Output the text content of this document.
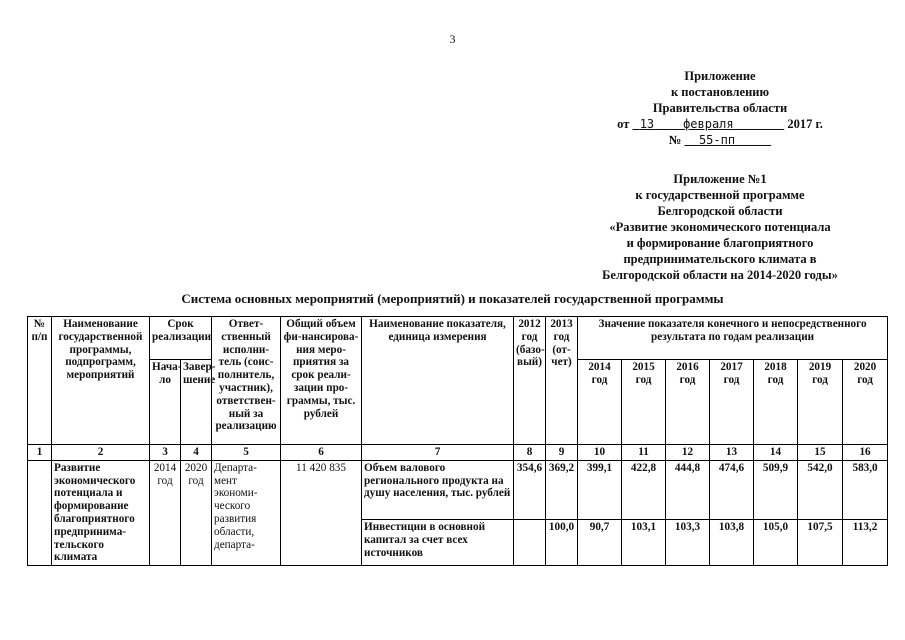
3
Приложение
к постановлению
Правительства области
от 13 февраля	2017 г.
№ 55-пп
Приложение №1
к государственной программе
Белгородской области
«Развитие экономического потенциала
и формирование благоприятного
предпринимательского климата в
Белгородской области на 2014-2020 годы»
Система основных мероприятий (мероприятий) и показателей государственной программы
№ п/п	Наименование государственной программы, подпрограмм, мероприятий	Срок реализации		Ответ-ственный исполни-тель (соис-полнитель, участник), ответствен-ный за реализацию	Общий объем фи-нансирова-ния меро-приятия за срок реали-зации про-граммы, тыс. рублей	Наименование показателя, единица измерения	2012 год (базо-вый)	2013 год (от-чет)	Значение показателя конечного и непосредственного результата по годам реализации						
		Нача-ло	Завер-шение						2014 год	2015 год	2016 год	2017 год	2018 год	2019 год	2020 год
1	2	3	4	5	6	7	8	9	10	11	12	13	14	15	16
	Развитие экономического потенциала и формирование благоприятного предпринима-тельского климата	2014 год	2020 год	Департа-мент экономи-ческого развития области, департа-	11 420 835	Объем валового регионального продукта на душу населения, тыс. рублей	354,6	369,2	399,1	422,8	444,8	474,6	509,9	542,0	583,0
						Инвестиции в основной капитал за счет всех источников		100,0	90,7	103,1	103,3	103,8	105,0	107,5	113,2
